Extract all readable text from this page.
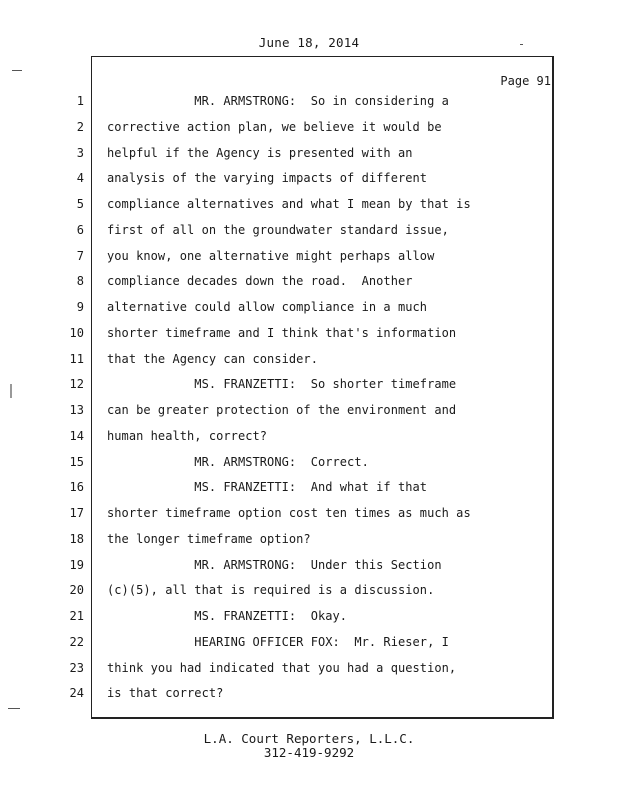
June 18, 2014
Page 91
1 MR. ARMSTRONG:  So in considering a
2 corrective action plan, we believe it would be
3 helpful if the Agency is presented with an
4 analysis of the varying impacts of different
5 compliance alternatives and what I mean by that is
6 first of all on the groundwater standard issue,
7 you know, one alternative might perhaps allow
8 compliance decades down the road.  Another
9 alternative could allow compliance in a much
10 shorter timeframe and I think that's information
11 that the Agency can consider.
12 MS. FRANZETTI:  So shorter timeframe
13 can be greater protection of the environment and
14 human health, correct?
15 MR. ARMSTRONG:  Correct.
16 MS. FRANZETTI:  And what if that
17 shorter timeframe option cost ten times as much as
18 the longer timeframe option?
19 MR. ARMSTRONG:  Under this Section
20 (c)(5), all that is required is a discussion.
21 MS. FRANZETTI:  Okay.
22 HEARING OFFICER FOX:  Mr. Rieser, I
23 think you had indicated that you had a question,
24 is that correct?
L.A. Court Reporters, L.L.C.
312-419-9292
